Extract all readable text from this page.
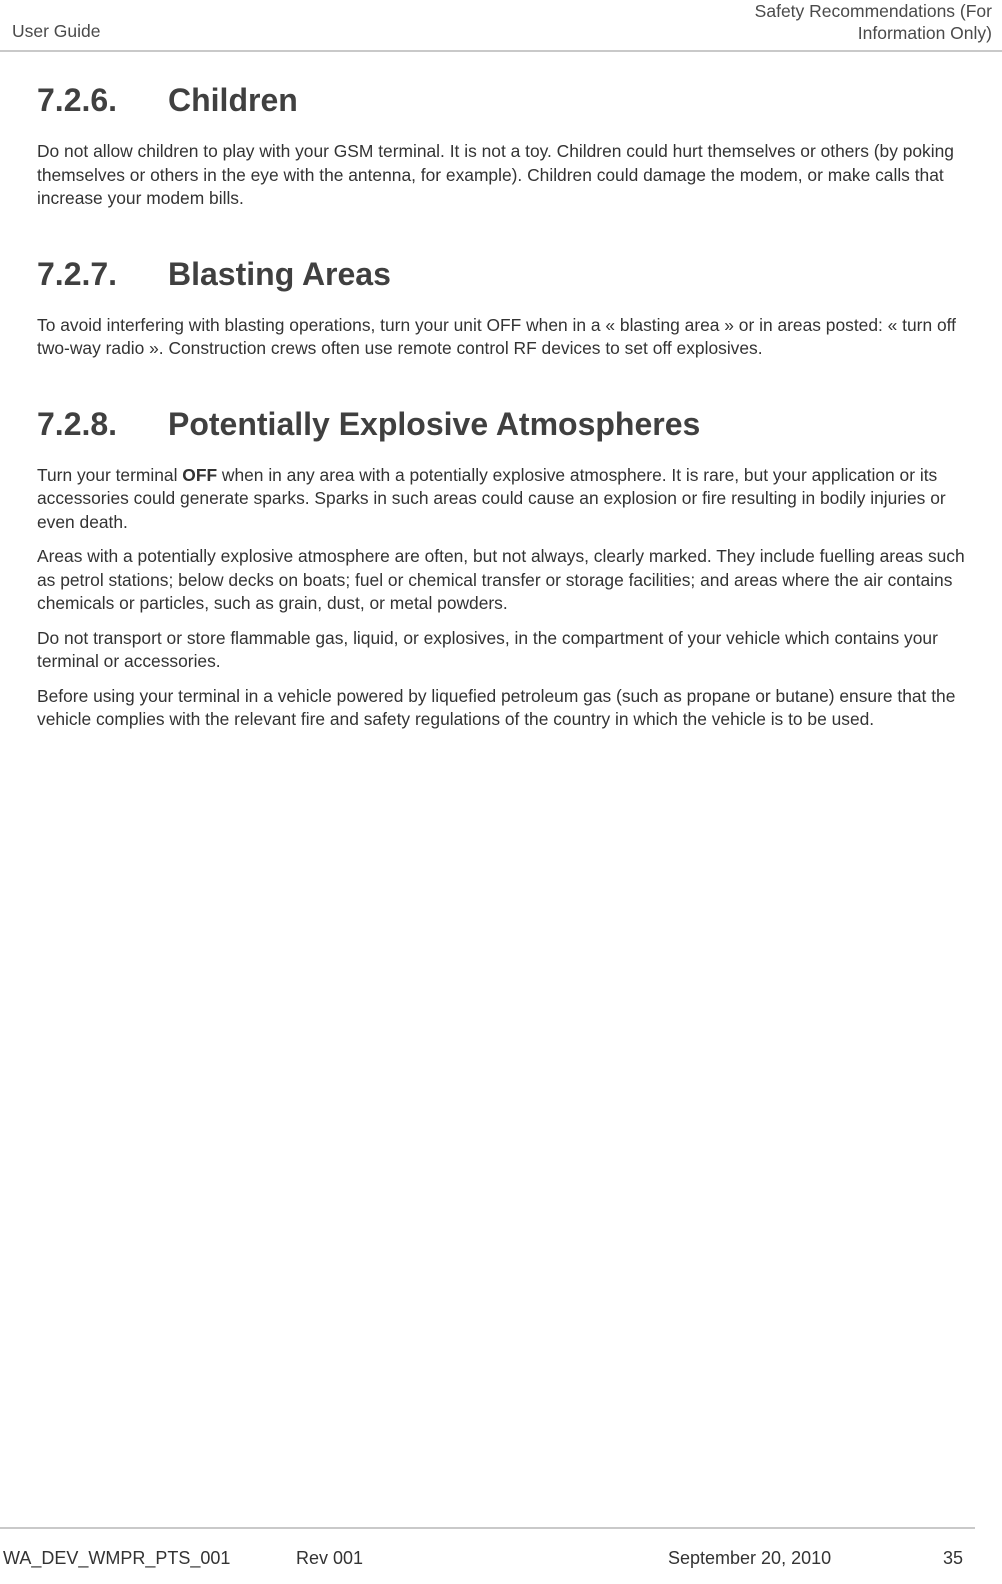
User Guide
Safety Recommendations (For
Information Only)
7.2.6.	Children

Do not allow children to play with your GSM terminal. It is not a toy. Children could hurt themselves or others (by poking themselves or others in the eye with the antenna, for example). Children could damage the modem, or make calls that increase your modem bills.

7.2.7.	Blasting Areas

To avoid interfering with blasting operations, turn your unit OFF when in a « blasting area » or in areas posted: « turn off two-way radio ». Construction crews often use remote control RF devices to set off explosives.

7.2.8.	Potentially Explosive Atmospheres

Turn your terminal OFF when in any area with a potentially explosive atmosphere. It is rare, but your application or its accessories could generate sparks. Sparks in such areas could cause an explosion or fire resulting in bodily injuries or even death.

Areas with a potentially explosive atmosphere are often, but not always, clearly marked. They include fuelling areas such as petrol stations; below decks on boats; fuel or chemical transfer or storage facilities; and areas where the air contains chemicals or particles, such as grain, dust, or metal powders.

Do not transport or store flammable gas, liquid, or explosives, in the compartment of your vehicle which contains your terminal or accessories.

Before using your terminal in a vehicle powered by liquefied petroleum gas (such as propane or butane) ensure that the vehicle complies with the relevant fire and safety regulations of the country in which the vehicle is to be used.

WA_DEV_WMPR_PTS_001	Rev 001	September 20, 2010	35
